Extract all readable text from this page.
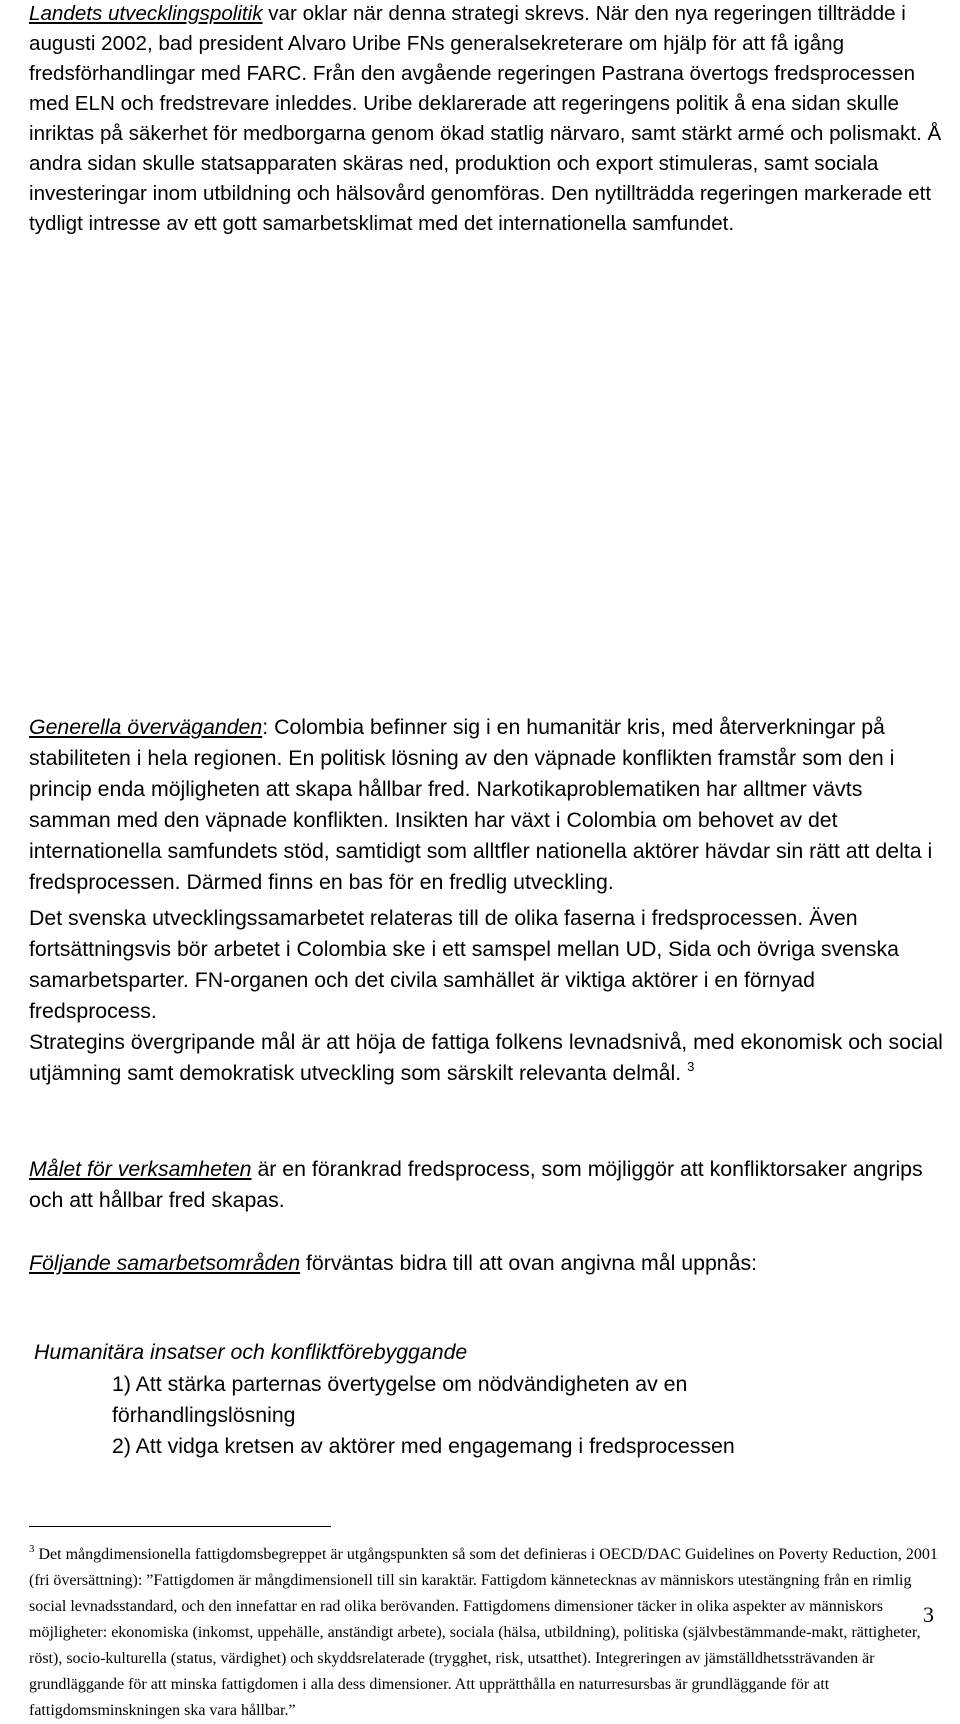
Landets utvecklingspolitik var oklar när denna strategi skrevs. När den nya regeringen tillträdde i augusti 2002, bad president Alvaro Uribe FNs generalsekreterare om hjälp för att få igång fredsförhandlingar med FARC. Från den avgående regeringen Pastrana övertogs fredsprocessen med ELN och fredstrevare inleddes. Uribe deklarerade att regeringens politik å ena sidan skulle inriktas på säkerhet för medborgarna genom ökad statlig närvaro, samt stärkt armé och polismakt. Å andra sidan skulle statsapparaten skäras ned, produktion och export stimuleras, samt sociala investeringar inom utbildning och hälsovård genomföras. Den nytillträdda regeringen markerade ett tydligt intresse av ett gott samarbetsklimat med det internationella samfundet.

Generella överväganden: Colombia befinner sig i en humanitär kris, med återverkningar på stabiliteten i hela regionen. En politisk lösning av den väpnade konflikten framstår som den i princip enda möjligheten att skapa hållbar fred. Narkotikaproblematiken har alltmer vävts samman med den väpnade konflikten. Insikten har växt i Colombia om behovet av det internationella samfundets stöd, samtidigt som alltfler nationella aktörer hävdar sin rätt att delta i fredsprocessen. Därmed finns en bas för en fredlig utveckling.

Det svenska utvecklingssamarbetet relateras till de olika faserna i fredsprocessen. Även fortsättningsvis bör arbetet i Colombia ske i ett samspel mellan UD, Sida och övriga svenska samarbetsparter. FN-organen och det civila samhället är viktiga aktörer i en förnyad fredsprocess.

Strategins övergripande mål är att höja de fattiga folkens levnadsnivå, med ekonomisk och social utjämning samt demokratisk utveckling som särskilt relevanta delmål. $^3$

Målet för verksamheten är en förankrad fredsprocess, som möjliggör att konfliktorsaker angrips och att hållbar fred skapas.

Följande samarbetsområden förväntas bidra till att ovan angivna mål uppnås:

Humanitära insatser och konfliktförebyggande

1) Att stärka parternas övertygelse om nödvändigheten av en förhandlingslösning

2) Att vidga kretsen av aktörer med engagemang i fredsprocessen

$^3$ Det mångdimensionella fattigdomsbegreppet är utgångspunkten så som det definieras i OECD/DAC Guidelines on Poverty Reduction, 2001 (fri översättning): ”Fattigdomen är mångdimensionell till sin karaktär. Fattigdom kännetecknas av människors utestängning från en rimlig social levnadsstandard, och den innefattar en rad olika berövanden. Fattigdomens dimensioner täcker in olika aspekter av människors möjligheter: ekonomiska (inkomst, uppehälle, anständigt arbete), sociala (hälsa, utbildning), politiska (självbestämmande-makt, rättigheter, röst), socio-kulturella (status, värdighet) och skyddsrelaterade (trygghet, risk, utsatthet). Integreringen av jämställdhetssträvanden är grundläggande för att minska fattigdomen i alla dess dimensioner. Att upprätthålla en naturresursbas är grundläggande för att fattigdomsminskningen ska vara hållbar.”

3
